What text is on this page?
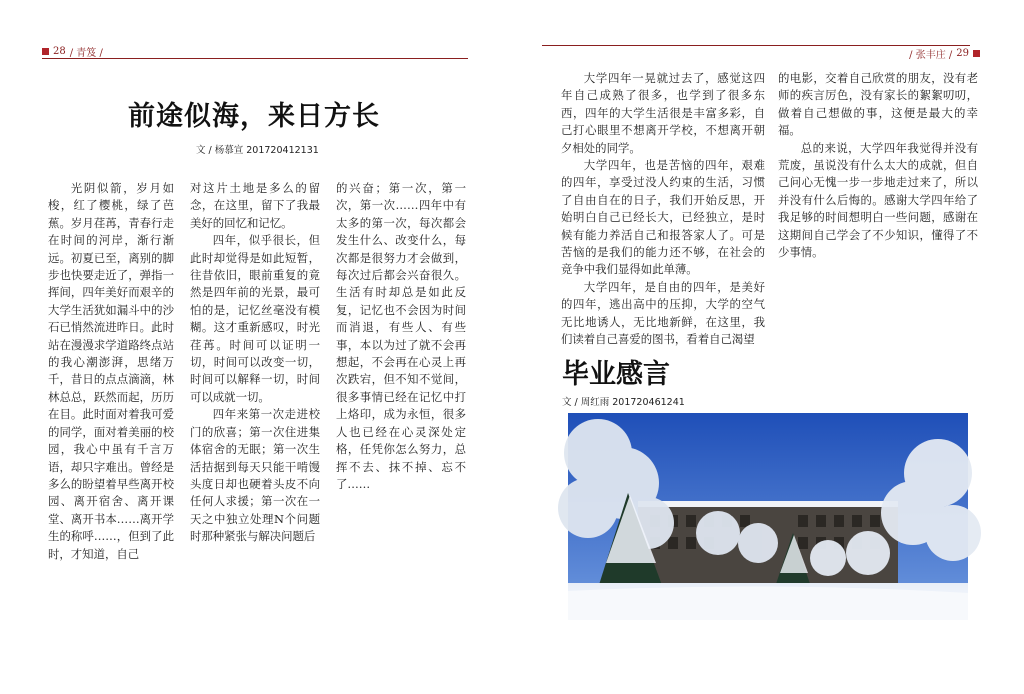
28 / 青笈 /
前途似海，来日方长
文 / 杨慕宣 201720412131

光阴似箭，岁月如梭，红了樱桃，绿了芭蕉。岁月荏苒，青春行走在时间的河岸，渐行渐远。初夏已至，离别的脚步也快要走近了，弹指一挥间，四年美好而艰辛的大学生活犹如漏斗中的沙石已悄然流进昨日。此时站在漫漫求学道路终点站的我心潮澎湃，思绪万千，昔日的点点滴滴，林林总总，跃然而起，历历在目。此时面对着我可爱的同学，面对着美丽的校园，我心中虽有千言万语，却只字难出。曾经是多么的盼望着早些离开校园、离开宿舍、离开课堂、离开书本……离开学生的称呼……，但到了此时，才知道，自己

对这片土地是多么的留念，在这里，留下了我最美好的回忆和记忆。

四年，似乎很长，但此时却觉得是如此短暂，往昔依旧，眼前重复的竟然是四年前的光景，最可怕的是，记忆丝毫没有模糊。这才重新感叹，时光荏苒。时间可以证明一切，时间可以改变一切，时间可以解释一切，时间可以成就一切。

四年来第一次走进校门的欣喜；第一次住进集体宿舍的无眠；第一次生活拮据到每天只能干啃馒头度日却也硬着头皮不向任何人求援；第一次在一天之中独立处理N个问题时那种紧张与解决问题后

的兴奋；第一次，第一次，第一次……四年中有太多的第一次，每次都会发生什么、改变什么，每次都是很努力才会做到，每次过后都会兴奋很久。生活有时却总是如此反复，记忆也不会因为时间而消退，有些人、有些事，本以为过了就不会再想起，不会再在心灵上再次跌宕，但不知不觉间，很多事情已经在记忆中打上烙印，成为永恒，很多人也已经在心灵深处定格，任凭你怎么努力，总挥不去、抹不掉、忘不了……

/ 张丰庄 / 29

大学四年一晃就过去了，感觉这四年自己成熟了很多，也学到了很多东西，四年的大学生活很是丰富多彩，自己打心眼里不想离开学校，不想离开朝夕相处的同学。

大学四年，也是苦恼的四年，艰难的四年，享受过没人约束的生活，习惯了自由自在的日子，我们开始反思，开始明白自己已经长大，已经独立，是时候有能力养活自己和报答家人了。可是苦恼的是我们的能力还不够，在社会的竞争中我们显得如此单薄。

大学四年，是自由的四年，是美好的四年，逃出高中的压抑，大学的空气无比地诱人，无比地新鲜，在这里，我们读着自己喜爱的图书，看着自己渴望

的电影，交着自己欣赏的朋友，没有老师的疾言厉色，没有家长的絮絮叨叨，做着自己想做的事，这便是最大的幸福。

总的来说，大学四年我觉得并没有荒废，虽说没有什么太大的成就，但自己问心无愧一步一步地走过来了，所以并没有什么后悔的。感谢大学四年给了我足够的时间想明白一些问题，感谢在这期间自己学会了不少知识，懂得了不少事情。

毕业感言
文 / 周红雨 201720461241
